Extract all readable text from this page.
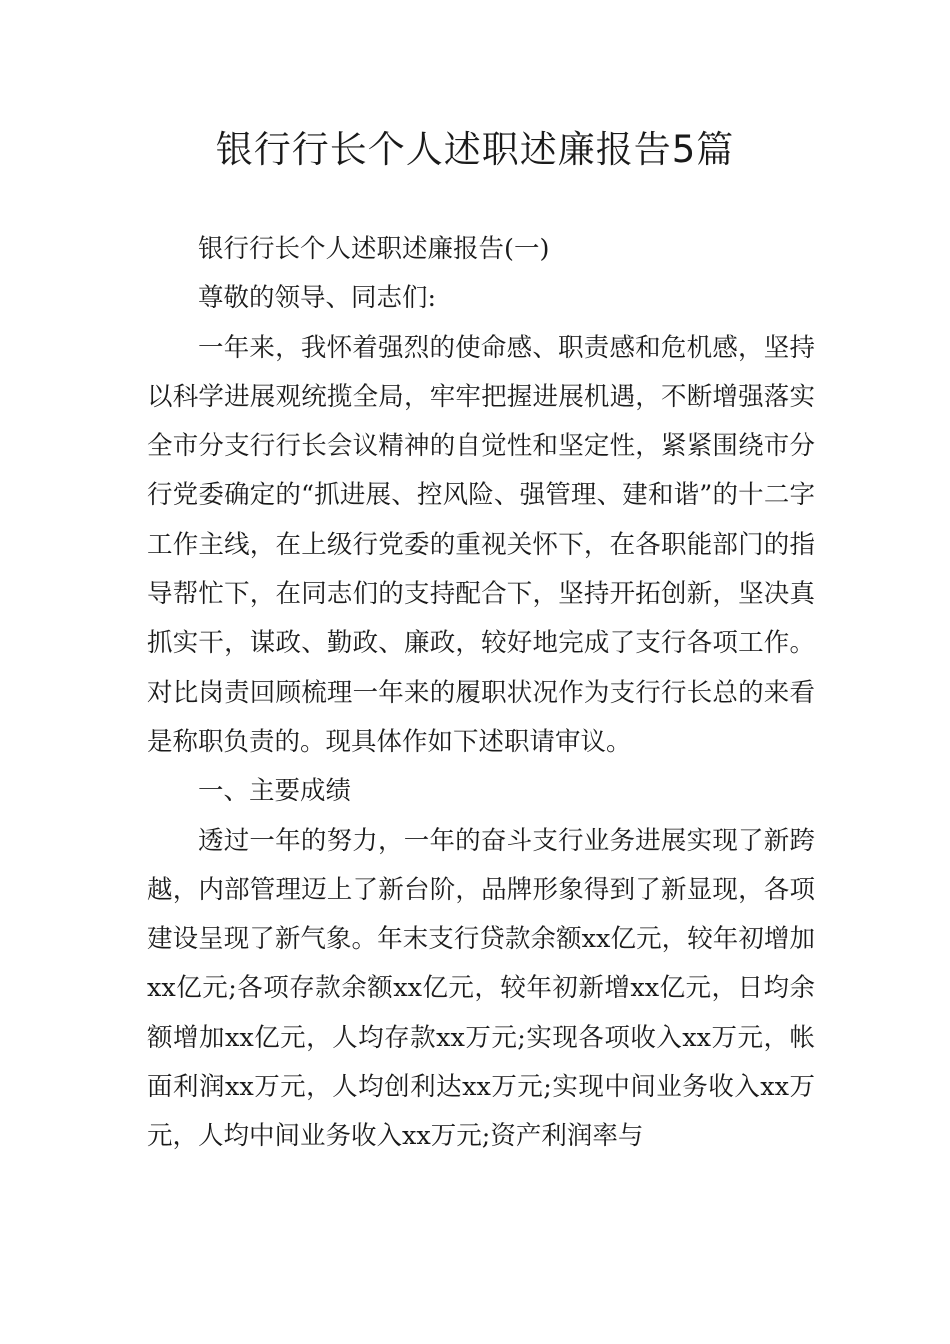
银行行长个人述职述廉报告5篇

银行行长个人述职述廉报告(一)

尊敬的领导、同志们:

一年来，我怀着强烈的使命感、职责感和危机感，坚持以科学进展观统揽全局，牢牢把握进展机遇，不断增强落实全市分支行行长会议精神的自觉性和坚定性，紧紧围绕市分行党委确定的“抓进展、控风险、强管理、建和谐”的十二字工作主线，在上级行党委的重视关怀下，在各职能部门的指导帮忙下，在同志们的支持配合下，坚持开拓创新，坚决真抓实干，谋政、勤政、廉政，较好地完成了支行各项工作。对比岗责回顾梳理一年来的履职状况作为支行行长总的来看是称职负责的。现具体作如下述职请审议。

一、主要成绩

透过一年的努力，一年的奋斗支行业务进展实现了新跨越，内部管理迈上了新台阶，品牌形象得到了新显现，各项建设呈现了新气象。年末支行贷款余额xx亿元，较年初增加xx亿元;各项存款余额xx亿元，较年初新增xx亿元，日均余额增加xx亿元，人均存款xx万元;实现各项收入xx万元，帐面利润xx万元，人均创利达xx万元;实现中间业务收入xx万元，人均中间业务收入xx万元;资产利润率与
